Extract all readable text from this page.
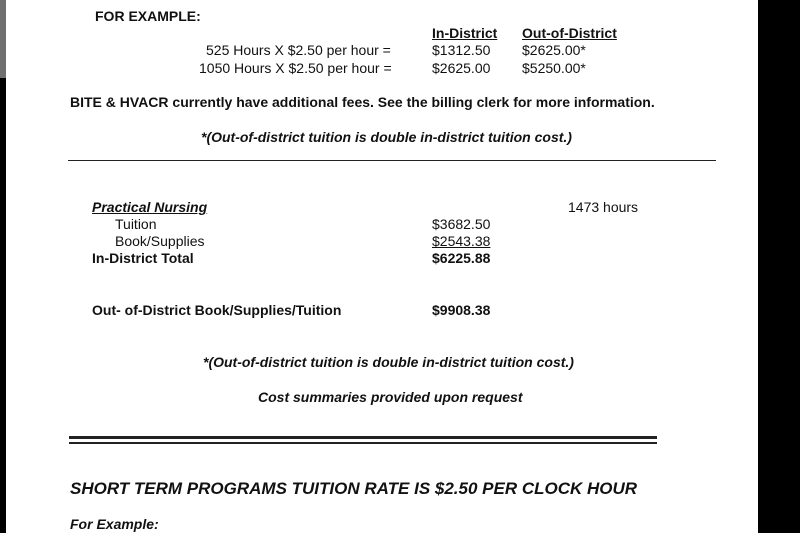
FOR EXAMPLE:
In-District Out-of-District
525 Hours X $2.50 per hour =	$1312.50 $2625.00*
1050 Hours X $2.50 per hour =	$2625.00 $5250.00*
BITE & HVACR currently have additional fees. See the billing clerk for more information.
*(Out-of-district tuition is double in-district tuition cost.)
Practical Nursing	1473 hours
Tuition	$3682.50
Book/Supplies	$2543.38
In-District Total	$6225.88
Out- of-District Book/Supplies/Tuition	$9908.38
*(Out-of-district tuition is double in-district tuition cost.)
Cost summaries provided upon request
SHORT TERM PROGRAMS TUITION RATE IS $2.50 PER CLOCK HOUR
For Example:
